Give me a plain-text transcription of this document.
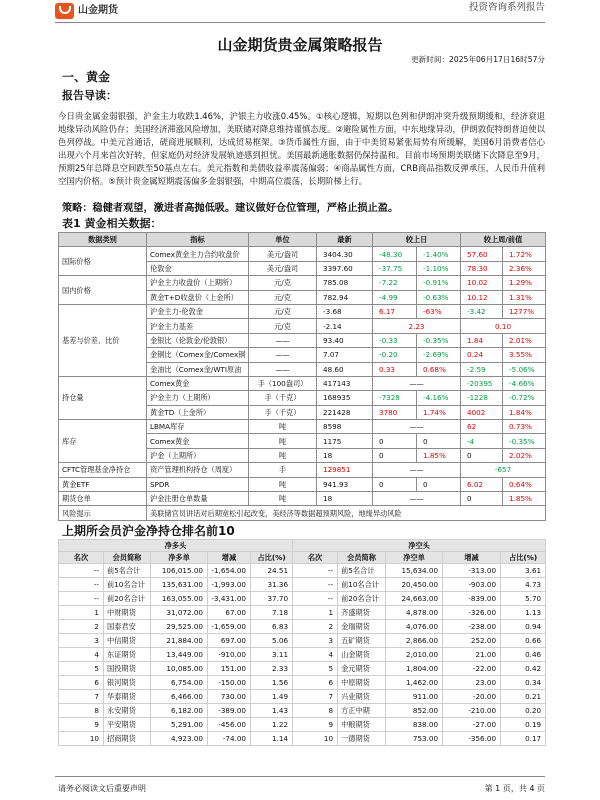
山金期货	投资咨询系列报告
山金期货贵金属策略报告
更新时间：2025年06月17日16时57分
一、黄金
报告导读：

今日贵金属金弱银强，沪金主力收跌1.46%，沪银主力收涨0.45%。①核心逻辑，短期以色列和伊朗冲突升级预期缓和，经济衰退地缘异动风险仍存；美国经济滞涨风险增加，美联储对降息维持谨慎态度。②避险属性方面，中东地缘异动，伊朗敦促特朗普迫使以色列停战。中美元首通话，磋商进展顺利，达成贸易框架。③货币属性方面，由于中美贸易紧张局势有所缓解，美国6月消费者信心出现六个月来首次好转，但家庭仍对经济发展轨迹感到担忧。美国最新通胀数据仍保持温和。目前市场预期美联储下次降息至9月，预期25年总降息空间跌至50基点左右。美元指数和美债收益率震荡偏弱；④商品属性方面，CRB商品指数反弹承压，人民币升值利空国内价格。⑤预计贵金属短期震荡偏多金弱银强，中期高位震荡，长期阶梯上行。

策略：稳健者观望，激进者高抛低吸。建议做好仓位管理，严格止损止盈。
表1 黄金相关数据：
数据类别	指标	单位	最新	较上日		较上周/前值	
国际价格	Comex黄金主力合约收盘价	美元/盎司	3404.30	-48.30	-1.40%	57.60	1.72%
	伦敦金	美元/盎司	3397.60	-37.75	-1.10%	78.30	2.36%
国内价格	沪金主力收盘价（上期所）	元/克	785.08	-7.22	-0.91%	10.02	1.29%
	黄金T+D收盘价（上金所）	元/克	782.94	-4.99	-0.63%	10.12	1.31%
基差与价差、比价	沪金主力-伦敦金	元/克	-3.68	6.17	-63%	-3.42	1277%
	沪金主力基差	元/克	-2.14	2.23		0.10	
	金银比（伦敦金/伦敦银）	——	93.40	-0.33	-0.35%	1.84	2.01%
	金铜比（Comex金/Comex铜	——	7.07	-0.20	-2.69%	0.24	3.55%
	金油比（Comex金/WTI原油	——	48.60	0.33	0.68%	-2.59	-5.06%
持仓量	Comex黄金	手（100盎司）	417143	——		-20395	-4.66%
	沪金主力（上期所）	手（千克）	168935	-7328	-4.16%	-1228	-0.72%
	黄金TD（上金所）	手（千克）	221428	3780	1.74%	4002	1.84%
库存	LBMA库存	吨	8598	——		62	0.73%
	Comex黄金	吨	1175	0	0	-4	-0.35%
	沪金（上期所）	吨	18	0	1.85%	0	2.02%
CFTC管理基金净持仓	资产管理机构持仓（周度）	手	129851	——		-657	
黄金ETF	SPDR	吨	941.93	0	0	6.02	0.64%
期货仓单	沪金注册仓单数量	吨	18	——		0	1.85%
风险提示	美联储官员讲话对后期宽松引起改变，美经济等数据超预期风险，地缘异动风险						
上期所会员沪金净持仓排名前10
净多头					净空头				
名次	会员简称	净多单	增减	占比(%)	名次	会员简称	净空单	增减	占比(%)
--	前5名合计	106,015.00	-1,654.00	24.51	--	前5名合计	15,634.00	-313.00	3.61
--	前10名合计	135,631.00	-1,993.00	31.36	--	前10名合计	20,450.00	-903.00	4.73
--	前20名合计	163,055.00	-3,431.00	37.70	--	前20名合计	24,663.00	-839.00	5.70
1	中财期货	31,072.00	67.00	7.18	1	齐盛期货	4,878.00	-326.00	1.13
2	国泰君安	29,525.00	-1,659.00	6.83	2	金瑞期货	4,076.00	-238.00	0.94
3	中信期货	21,884.00	697.00	5.06	3	五矿期货	2,866.00	252.00	0.66
4	东证期货	13,449.00	-910.00	3.11	4	山金期货	2,010.00	21.00	0.46
5	国投期货	10,085.00	151.00	2.33	5	金元期货	1,804.00	-22.00	0.42
6	银河期货	6,754.00	-150.00	1.56	6	中原期货	1,462.00	23.00	0.34
7	华泰期货	6,466.00	730.00	1.49	7	兴业期货	911.00	-20.00	0.21
8	永安期货	6,182.00	-389.00	1.43	8	方正中期	852.00	-210.00	0.20
9	平安期货	5,291.00	-456.00	1.22	9	中粮期货	838.00	-27.00	0.19
10	招商期货	4,923.00	-74.00	1.14	10	一德期货	753.00	-356.00	0.17
请务必阅读文后重要声明	第 1 页，共 4 页
